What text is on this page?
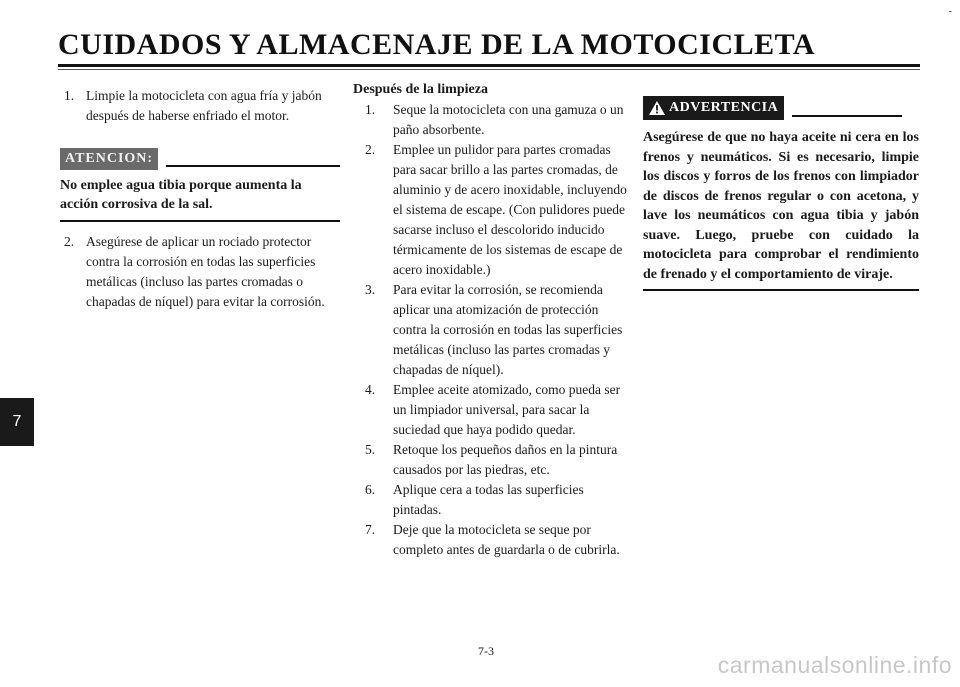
CUIDADOS Y ALMACENAJE DE LA MOTOCICLETA
-

1. Limpie la motocicleta con agua fría y jabón después de haberse enfriado el motor.

ATENCION:

No emplee agua tibia porque aumenta la acción corrosiva de la sal.

2. Asegúrese de aplicar un rociado protector contra la corrosión en todas las superficies metálicas (incluso las partes cromadas o chapadas de níquel) para evitar la corrosión.

Después de la limpieza

1. Seque la motocicleta con una gamuza o un paño absorbente.

2. Emplee un pulidor para partes cromadas para sacar brillo a las partes cromadas, de aluminio y de acero inoxidable, incluyendo el sistema de escape. (Con pulidores puede sacarse incluso el descolorido inducido térmicamente de los sistemas de escape de acero inoxidable.)

3. Para evitar la corrosión, se recomienda aplicar una atomización de protección contra la corrosión en todas las superficies metálicas (incluso las partes cromadas y chapadas de níquel).

4. Emplee aceite atomizado, como pueda ser un limpiador universal, para sacar la suciedad que haya podido quedar.

5. Retoque los pequeños daños en la pintura causados por las piedras, etc.

6. Aplique cera a todas las superficies pintadas.

7. Deje que la motocicleta se seque por completo antes de guardarla o de cubrirla.

ADVERTENCIA

Asegúrese de que no haya aceite ni cera en los frenos y neumáticos. Si es necesario, limpie los discos y forros de los frenos con limpiador de discos de frenos regular o con acetona, y lave los neumáticos con agua tibia y jabón suave. Luego, pruebe con cuidado la motocicleta para comprobar el rendimiento de frenado y el comportamiento de viraje.

7
7-3
carmanualsonline.info
